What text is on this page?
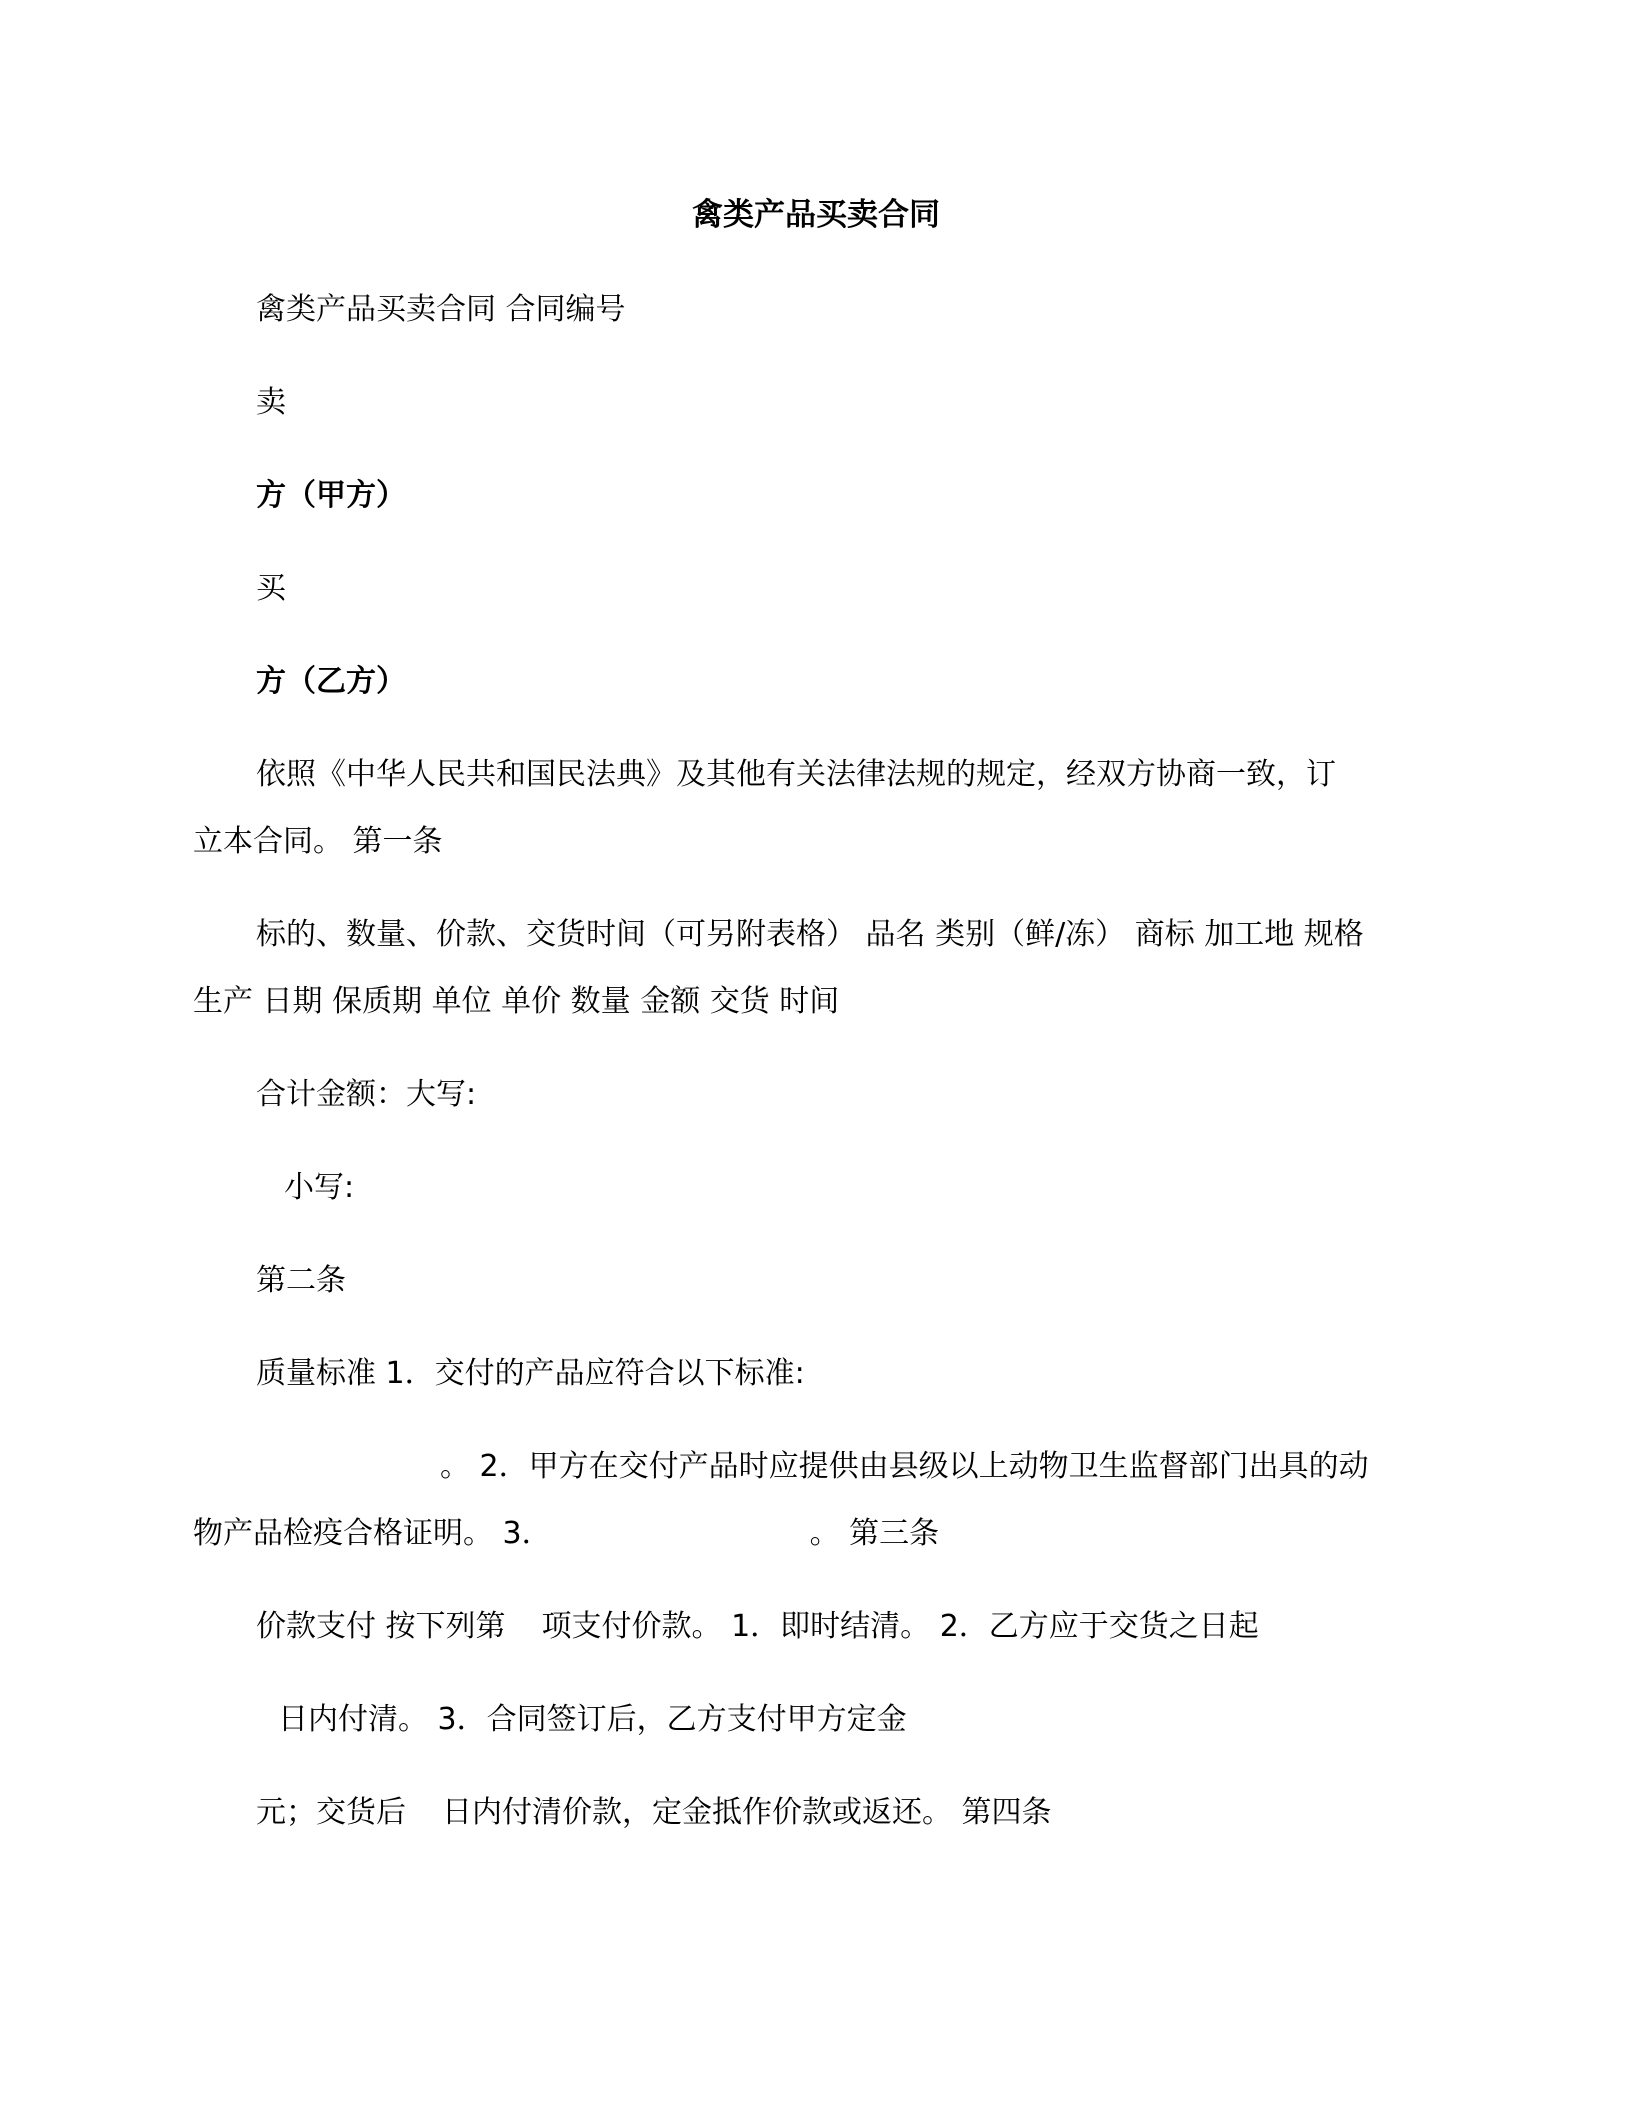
禽类产品买卖合同
禽类产品买卖合同 合同编号
卖
方（甲方）
买
方（乙方）
依照《中华人民共和国民法典》及其他有关法律法规的规定，经双方协商一致，订
立本合同。 第一条
标的、数量、价款、交货时间（可另附表格） 品名 类别（鲜/冻） 商标 加工地 规格
生产 日期 保质期 单位 单价 数量 金额 交货 时间
合计金额：大写:
小写:
第二条
质量标准 1．交付的产品应符合以下标准:
。 2．甲方在交付产品时应提供由县级以上动物卫生监督部门出具的动
物产品检疫合格证明。 3．	。 第三条
价款支付 按下列第 项支付价款。 1．即时结清。 2．乙方应于交货之日起
日内付清。 3．合同签订后，乙方支付甲方定金
元；交货后 日内付清价款，定金抵作价款或返还。 第四条
